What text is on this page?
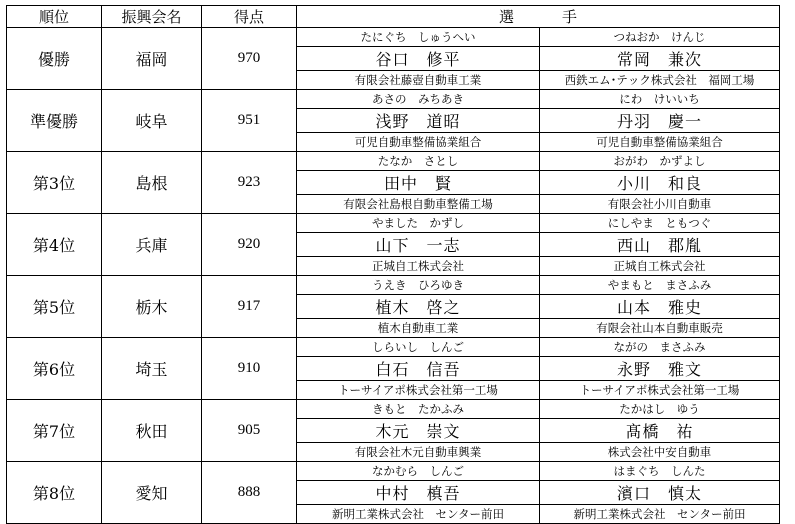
順位	振興会名	得点	選 手	
優勝	福岡	970	たにぐち　しゅうへい	つねおか　けんじ
			谷口　修平	常岡　兼次
			有限会社藤壺自動車工業	西鉄エム･テック株式会社　福岡工場
準優勝	岐阜	951	あさの　みちあき	にわ　けいいち
			浅野　道昭	丹羽　慶一
			可児自動車整備協業組合	可児自動車整備協業組合
第3位	島根	923	たなか　さとし	おがわ　かずよし
			田中　賢	小川　和良
			有限会社島根自動車整備工場	有限会社小川自動車
第4位	兵庫	920	やました　かずし	にしやま　ともつぐ
			山下　一志	西山　郡胤
			正城自工株式会社	正城自工株式会社
第5位	栃木	917	うえき　ひろゆき	やまもと　まさふみ
			植木　啓之	山本　雅史
			植木自動車工業	有限会社山本自動車販売
第6位	埼玉	910	しらいし　しんご	ながの　まさふみ
			白石　信吾	永野　雅文
			トーサイアポ株式会社第一工場	トーサイアポ株式会社第一工場
第7位	秋田	905	きもと　たかふみ	たかはし　ゆう
			木元　崇文	髙橋　祐
			有限会社木元自動車興業	株式会社中安自動車
第8位	愛知	888	なかむら　しんご	はまぐち　しんた
			中村　槙吾	濱口　慎太
			新明工業株式会社　センター前田	新明工業株式会社　センター前田
